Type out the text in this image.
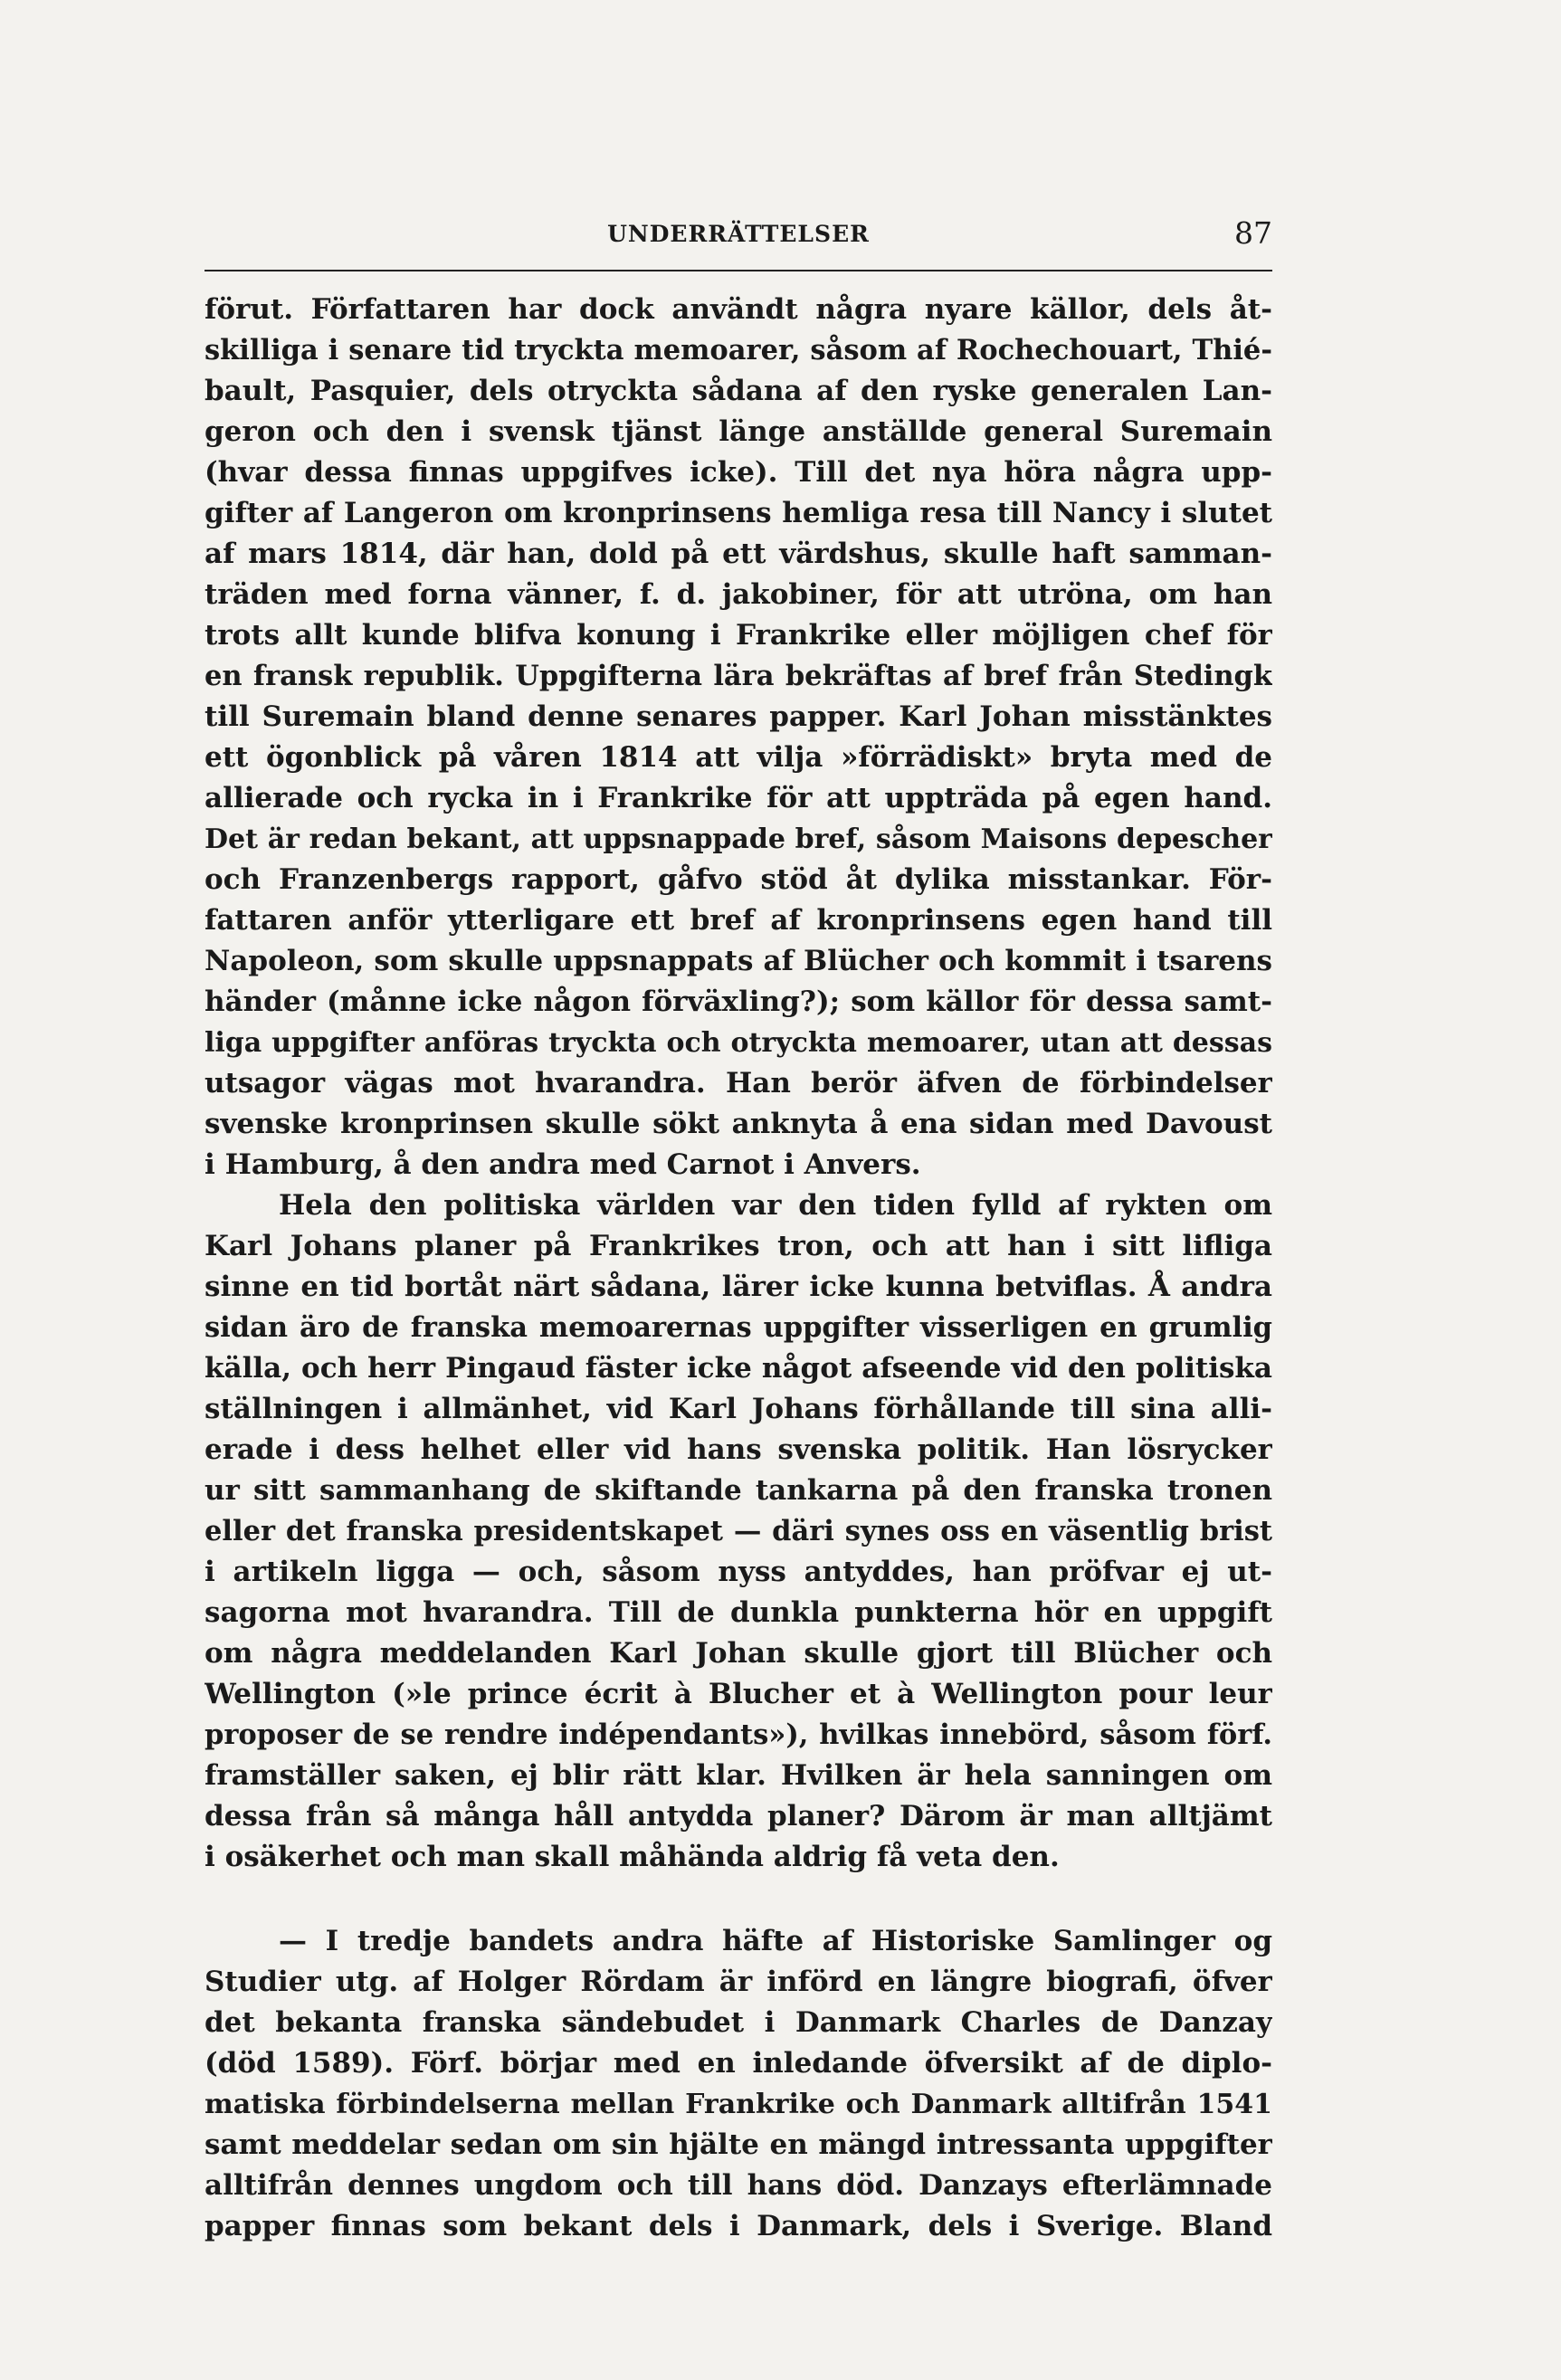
UNDERRÄTTELSER	87
förut. Författaren har dock användt några nyare källor, dels åt-
skilliga i senare tid tryckta memoarer, såsom af Rochechouart, Thié-
bault, Pasquier, dels otryckta sådana af den ryske generalen Lan-
geron och den i svensk tjänst länge anställde general Suremain
(hvar dessa finnas uppgifves icke). Till det nya höra några upp-
gifter af Langeron om kronprinsens hemliga resa till Nancy i slutet
af mars 1814, där han, dold på ett värdshus, skulle haft samman-
träden med forna vänner, f. d. jakobiner, för att utröna, om han
trots allt kunde blifva konung i Frankrike eller möjligen chef för
en fransk republik. Uppgifterna lära bekräftas af bref från Stedingk
till Suremain bland denne senares papper. Karl Johan misstänktes
ett ögonblick på våren 1814 att vilja »förrädiskt» bryta med de
allierade och rycka in i Frankrike för att uppträda på egen hand.
Det är redan bekant, att uppsnappade bref, såsom Maisons depescher
och Franzenbergs rapport, gåfvo stöd åt dylika misstankar. För-
fattaren anför ytterligare ett bref af kronprinsens egen hand till
Napoleon, som skulle uppsnappats af Blücher och kommit i tsarens
händer (månne icke någon förväxling?); som källor för dessa samt-
liga uppgifter anföras tryckta och otryckta memoarer, utan att dessas
utsagor vägas mot hvarandra. Han berör äfven de förbindelser
svenske kronprinsen skulle sökt anknyta å ena sidan med Davoust
i Hamburg, å den andra med Carnot i Anvers.
Hela den politiska världen var den tiden fylld af rykten om
Karl Johans planer på Frankrikes tron, och att han i sitt lifliga
sinne en tid bortåt närt sådana, lärer icke kunna betviflas. Å andra
sidan äro de franska memoarernas uppgifter visserligen en grumlig
källa, och herr Pingaud fäster icke något afseende vid den politiska
ställningen i allmänhet, vid Karl Johans förhållande till sina alli-
erade i dess helhet eller vid hans svenska politik. Han lösrycker
ur sitt sammanhang de skiftande tankarna på den franska tronen
eller det franska presidentskapet — däri synes oss en väsentlig brist
i artikeln ligga — och, såsom nyss antyddes, han pröfvar ej ut-
sagorna mot hvarandra. Till de dunkla punkterna hör en uppgift
om några meddelanden Karl Johan skulle gjort till Blücher och
Wellington (»le prince écrit à Blucher et à Wellington pour leur
proposer de se rendre indépendants»), hvilkas innebörd, såsom förf.
framställer saken, ej blir rätt klar. Hvilken är hela sanningen om
dessa från så många håll antydda planer? Därom är man alltjämt
i osäkerhet och man skall måhända aldrig få veta den.
— I tredje bandets andra häfte af Historiske Samlinger og
Studier utg. af Holger Rördam är införd en längre biografi, öfver
det bekanta franska sändebudet i Danmark Charles de Danzay
(död 1589). Förf. börjar med en inledande öfversikt af de diplo-
matiska förbindelserna mellan Frankrike och Danmark alltifrån 1541
samt meddelar sedan om sin hjälte en mängd intressanta uppgifter
alltifrån dennes ungdom och till hans död. Danzays efterlämnade
papper finnas som bekant dels i Danmark, dels i Sverige. Bland
